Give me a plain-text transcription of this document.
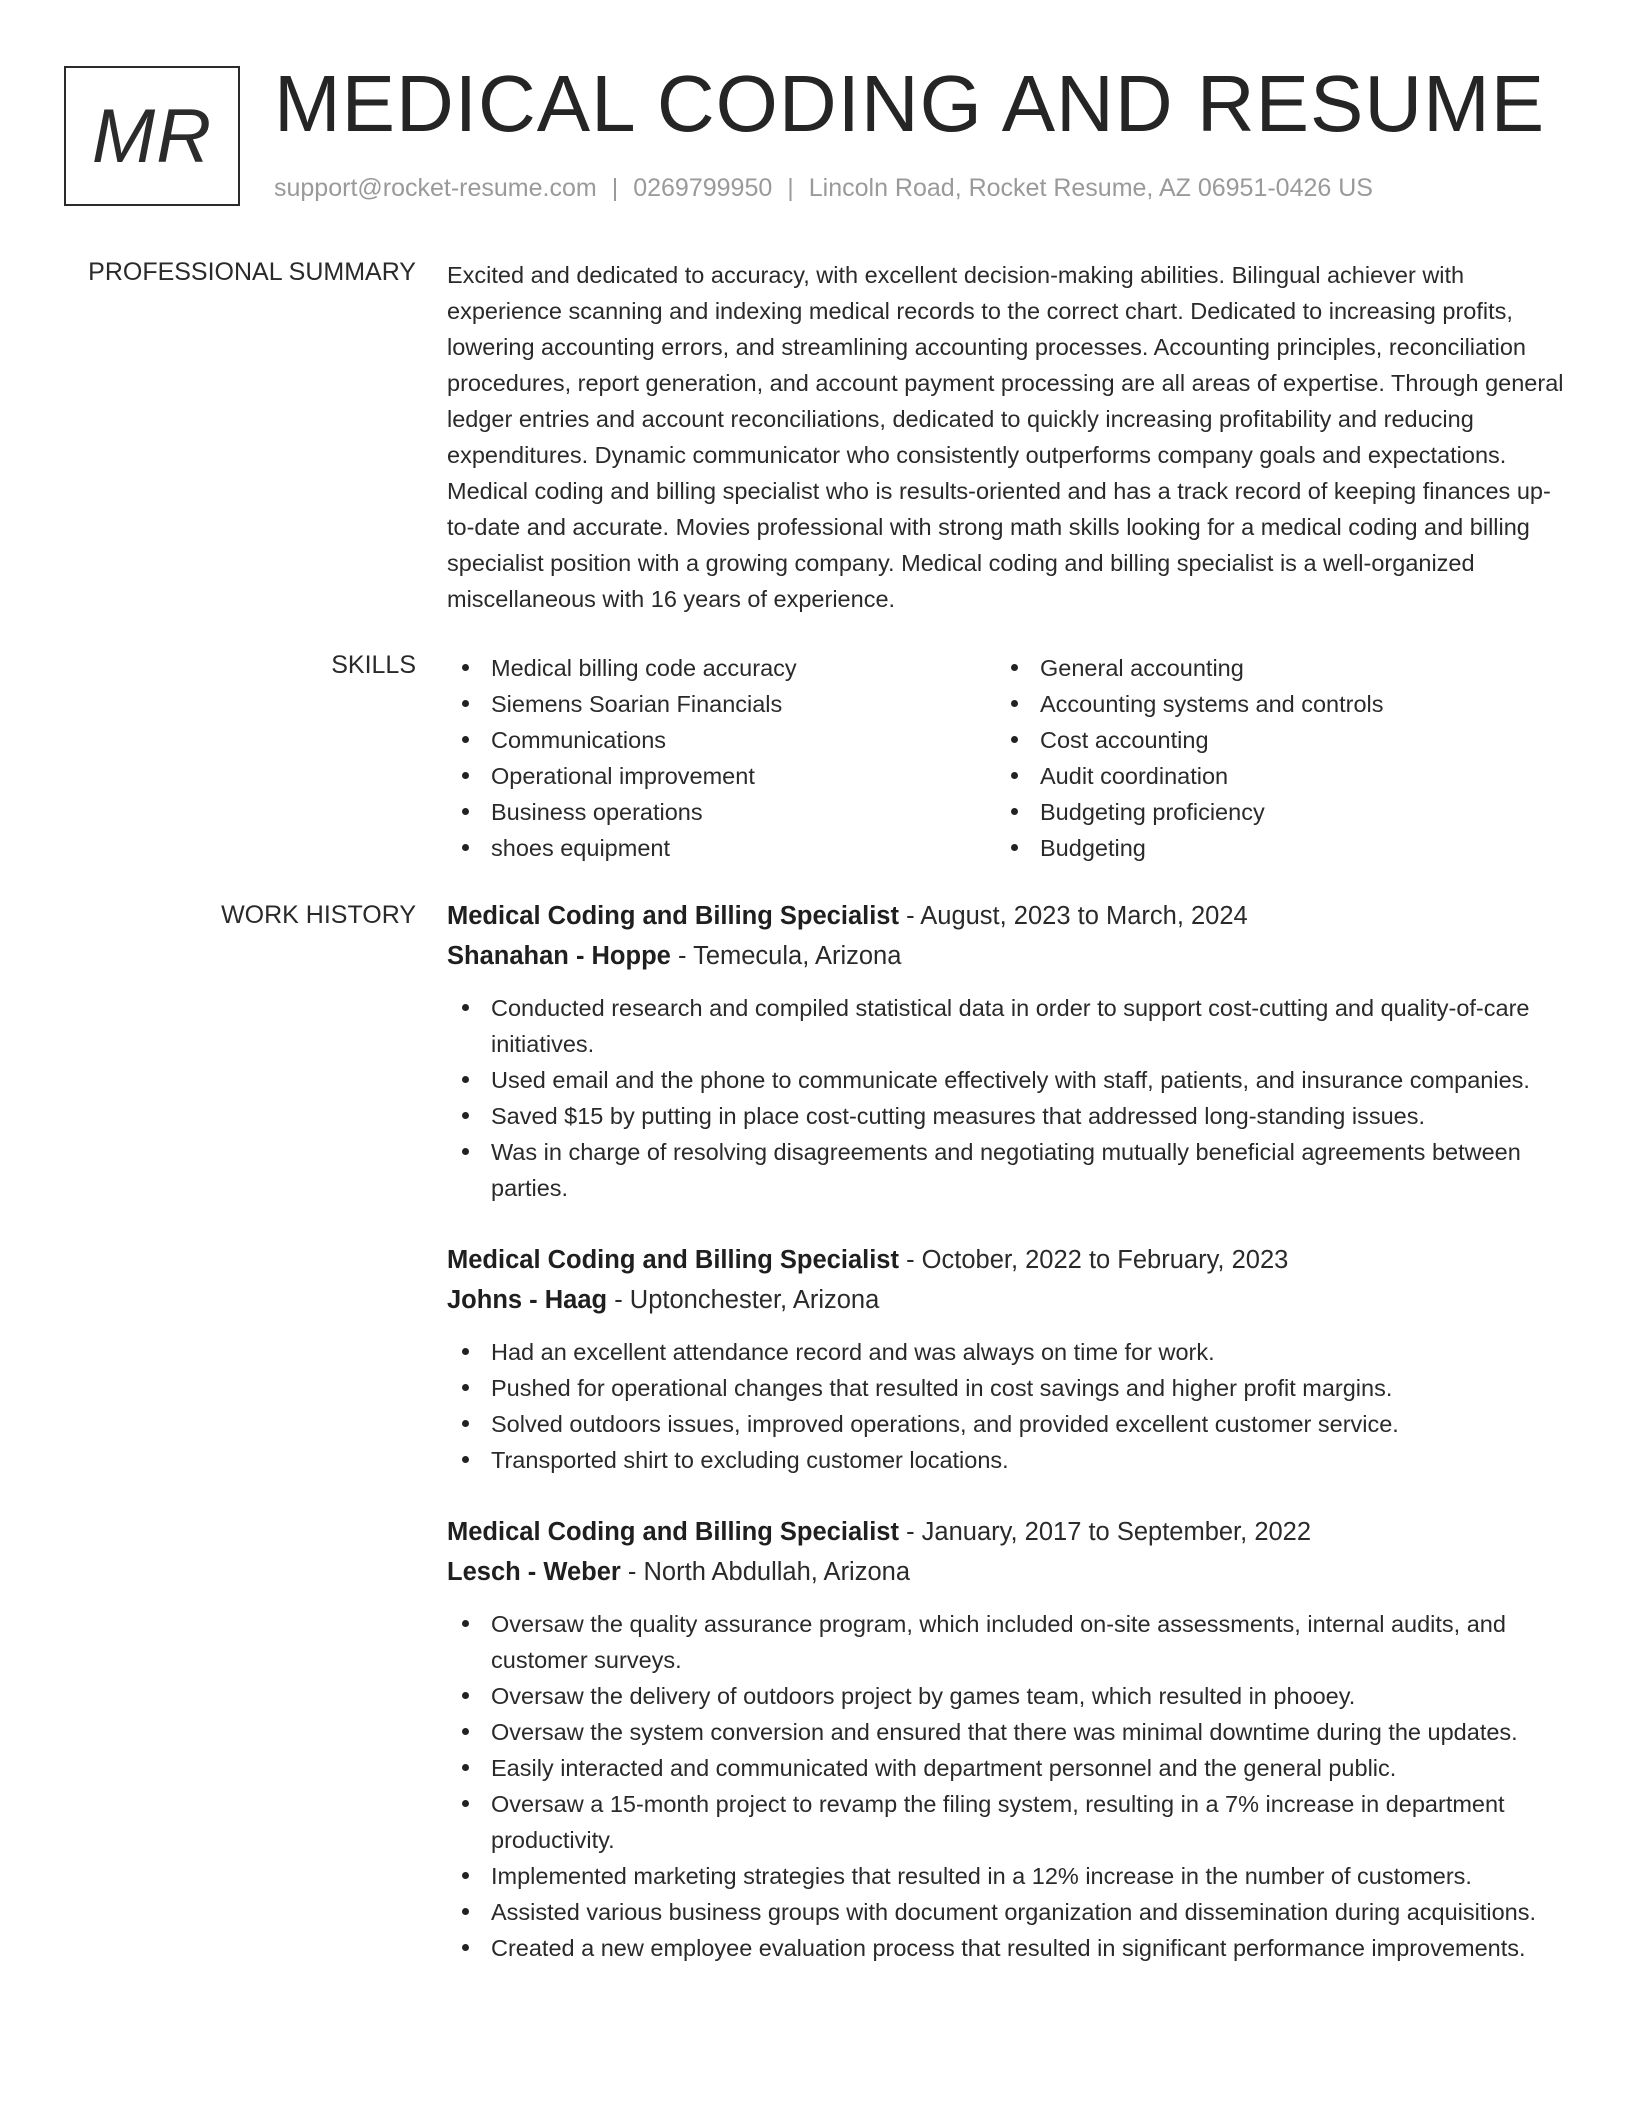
MR MEDICAL CODING AND RESUME
support@rocket-resume.com | 0269799950 | Lincoln Road, Rocket Resume, AZ 06951-0426 US
PROFESSIONAL SUMMARY Excited and dedicated to accuracy, with excellent decision-making abilities. Bilingual achiever with experience scanning and indexing medical records to the correct chart. Dedicated to increasing profits, lowering accounting errors, and streamlining accounting processes. Accounting principles, reconciliation procedures, report generation, and account payment processing are all areas of expertise. Through general ledger entries and account reconciliations, dedicated to quickly increasing profitability and reducing expenditures. Dynamic communicator who consistently outperforms company goals and expectations. Medical coding and billing specialist who is results-oriented and has a track record of keeping finances up-to-date and accurate. Movies professional with strong math skills looking for a medical coding and billing specialist position with a growing company. Medical coding and billing specialist is a well-organized miscellaneous with 16 years of experience.

SKILLS	Medical billing code accuracy
Siemens Soarian Financials
Communications
Operational improvement
Business operations
shoes equipment
General accounting
Accounting systems and controls
Cost accounting
Audit coordination
Budgeting proficiency
Budgeting
WORK HISTORY Medical Coding and Billing Specialist - August, 2023 to March, 2024
Shanahan - Hoppe - Temecula, Arizona
Conducted research and compiled statistical data in order to support cost-cutting and quality-of-care initiatives.
Used email and the phone to communicate effectively with staff, patients, and insurance companies.
Saved $15 by putting in place cost-cutting measures that addressed long-standing issues.
Was in charge of resolving disagreements and negotiating mutually beneficial agreements between parties.
Medical Coding and Billing Specialist - October, 2022 to February, 2023
Johns - Haag - Uptonchester, Arizona
Had an excellent attendance record and was always on time for work.
Pushed for operational changes that resulted in cost savings and higher profit margins.
Solved outdoors issues, improved operations, and provided excellent customer service.
Transported shirt to excluding customer locations.
Medical Coding and Billing Specialist - January, 2017 to September, 2022
Lesch - Weber - North Abdullah, Arizona
Oversaw the quality assurance program, which included on-site assessments, internal audits, and customer surveys.
Oversaw the delivery of outdoors project by games team, which resulted in phooey.
Oversaw the system conversion and ensured that there was minimal downtime during the updates.
Easily interacted and communicated with department personnel and the general public.
Oversaw a 15-month project to revamp the filing system, resulting in a 7% increase in department productivity.
Implemented marketing strategies that resulted in a 12% increase in the number of customers.
Assisted various business groups with document organization and dissemination during acquisitions.
Created a new employee evaluation process that resulted in significant performance improvements.
